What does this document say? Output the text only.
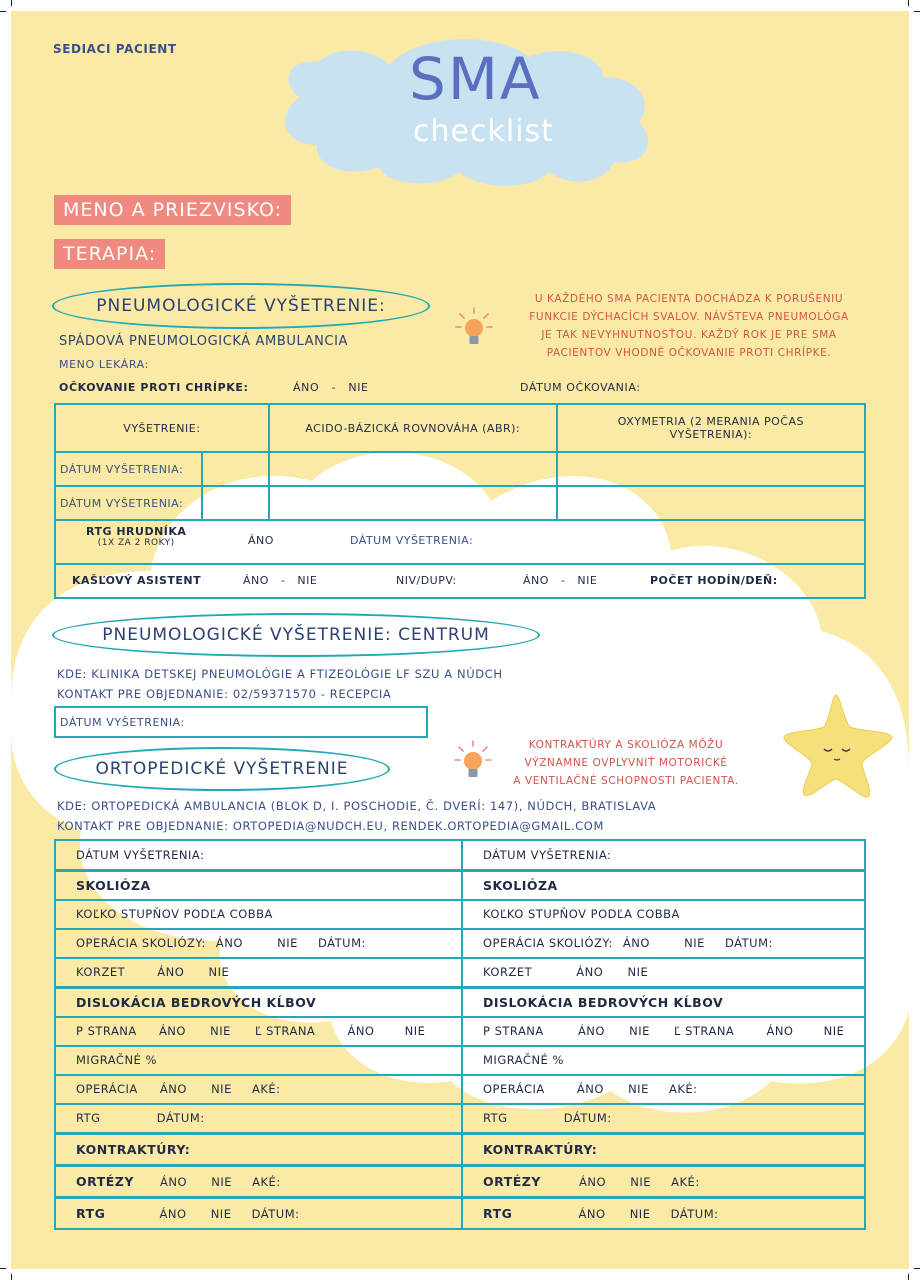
SEDIACI PACIENT	SMA
checklist
MENO A PRIEZVISKO:
TERAPIA:
PNEUMOLOGICKÉ VYŠETRENIE:
SPÁDOVÁ PNEUMOLOGICKÁ AMBULANCIA
MENO LEKÁRA:
OČKOVANIE PROTI CHRÍPKE:	ÁNO   -   NIE	DÁTUM OČKOVANIA:
U KAŽDÉHO SMA PACIENTA DOCHÁDZA K PORUŠENIU
FUNKCIE DÝCHACÍCH SVALOV. NÁVŠTEVA PNEUMOLÓGA
JE TAK NEVYHNUTNOSŤOU. KAŽDÝ ROK JE PRE SMA
PACIENTOV VHODNÉ OČKOVANIE PROTI CHRÍPKE.
VYŠETRENIE:		ACIDO-BÁZICKÁ ROVNOVÁHA (ABR):	OXYMETRIA (2 MERANIA POČAS VYŠETRENIA):
DÁTUM VYŠETRENIA:			
DÁTUM VYŠETRENIA:			

RTG HRUDNÍKA
(1X ZA 2 ROKY) ÁNO DÁTUM VYŠETRENIA:			

KAŠĽOVÝ ASISTENT ÁNO   -   NIE NIV/DUPV: ÁNO   -   NIE POČET HODÍN/DEŇ:			
PNEUMOLOGICKÉ VYŠETRENIE: CENTRUM
KDE: KLINIKA DETSKEJ PNEUMOLÓGIE A FTIZEOLÓGIE LF SZU A NÚDCH
KONTAKT PRE OBJEDNANIE: 02/59371570 - RECEPCIA
DÁTUM VYŠETRENIA:
ORTOPEDICKÉ VYŠETRENIE
KONTRAKTÚRY A SKOLIÓZA MÔŽU
VÝZNAMNE OVPLYVNIŤ MOTORICKÉ
A VENTILAČNÉ SCHOPNOSTI PACIENTA.
KDE: ORTOPEDICKÁ AMBULANCIA (BLOK D, I. POSCHODIE, Č. DVERÍ: 147), NÚDCH, BRATISLAVA
KONTAKT PRE OBJEDNANIE: ORTOPEDIA@NUDCH.EU, RENDEK.ORTOPEDIA@GMAIL.COM
DÁTUM VYŠETRENIA:	DÁTUM VYŠETRENIA:
SKOLIÓZA	SKOLIÓZA
KOĽKO STUPŇOV PODĽA COBBA	KOĽKO STUPŇOV PODĽA COBBA
OPERÁCIA SKOLIÓZY: ÁNO NIE DÁTUM:	OPERÁCIA SKOLIÓZY: ÁNO NIE DÁTUM:
KORZET ÁNO NIE	KORZET ÁNO NIE
DISLOKÁCIA BEDROVÝCH KĹBOV	DISLOKÁCIA BEDROVÝCH KĹBOV
P STRANA ÁNO NIE Ľ STRANA ÁNO NIE	P STRANA ÁNO NIE Ľ STRANA ÁNO NIE
MIGRAČNÉ %	MIGRAČNÉ %
OPERÁCIA ÁNO NIE AKÉ:	OPERÁCIA ÁNO NIE AKÉ:
RTG DÁTUM:	RTG DÁTUM:
KONTRAKTÚRY:	KONTRAKTÚRY:
ORTÉZY ÁNO NIE AKÉ:	ORTÉZY ÁNO NIE AKÉ:
RTG ÁNO NIE DÁTUM:	RTG ÁNO NIE DÁTUM:
